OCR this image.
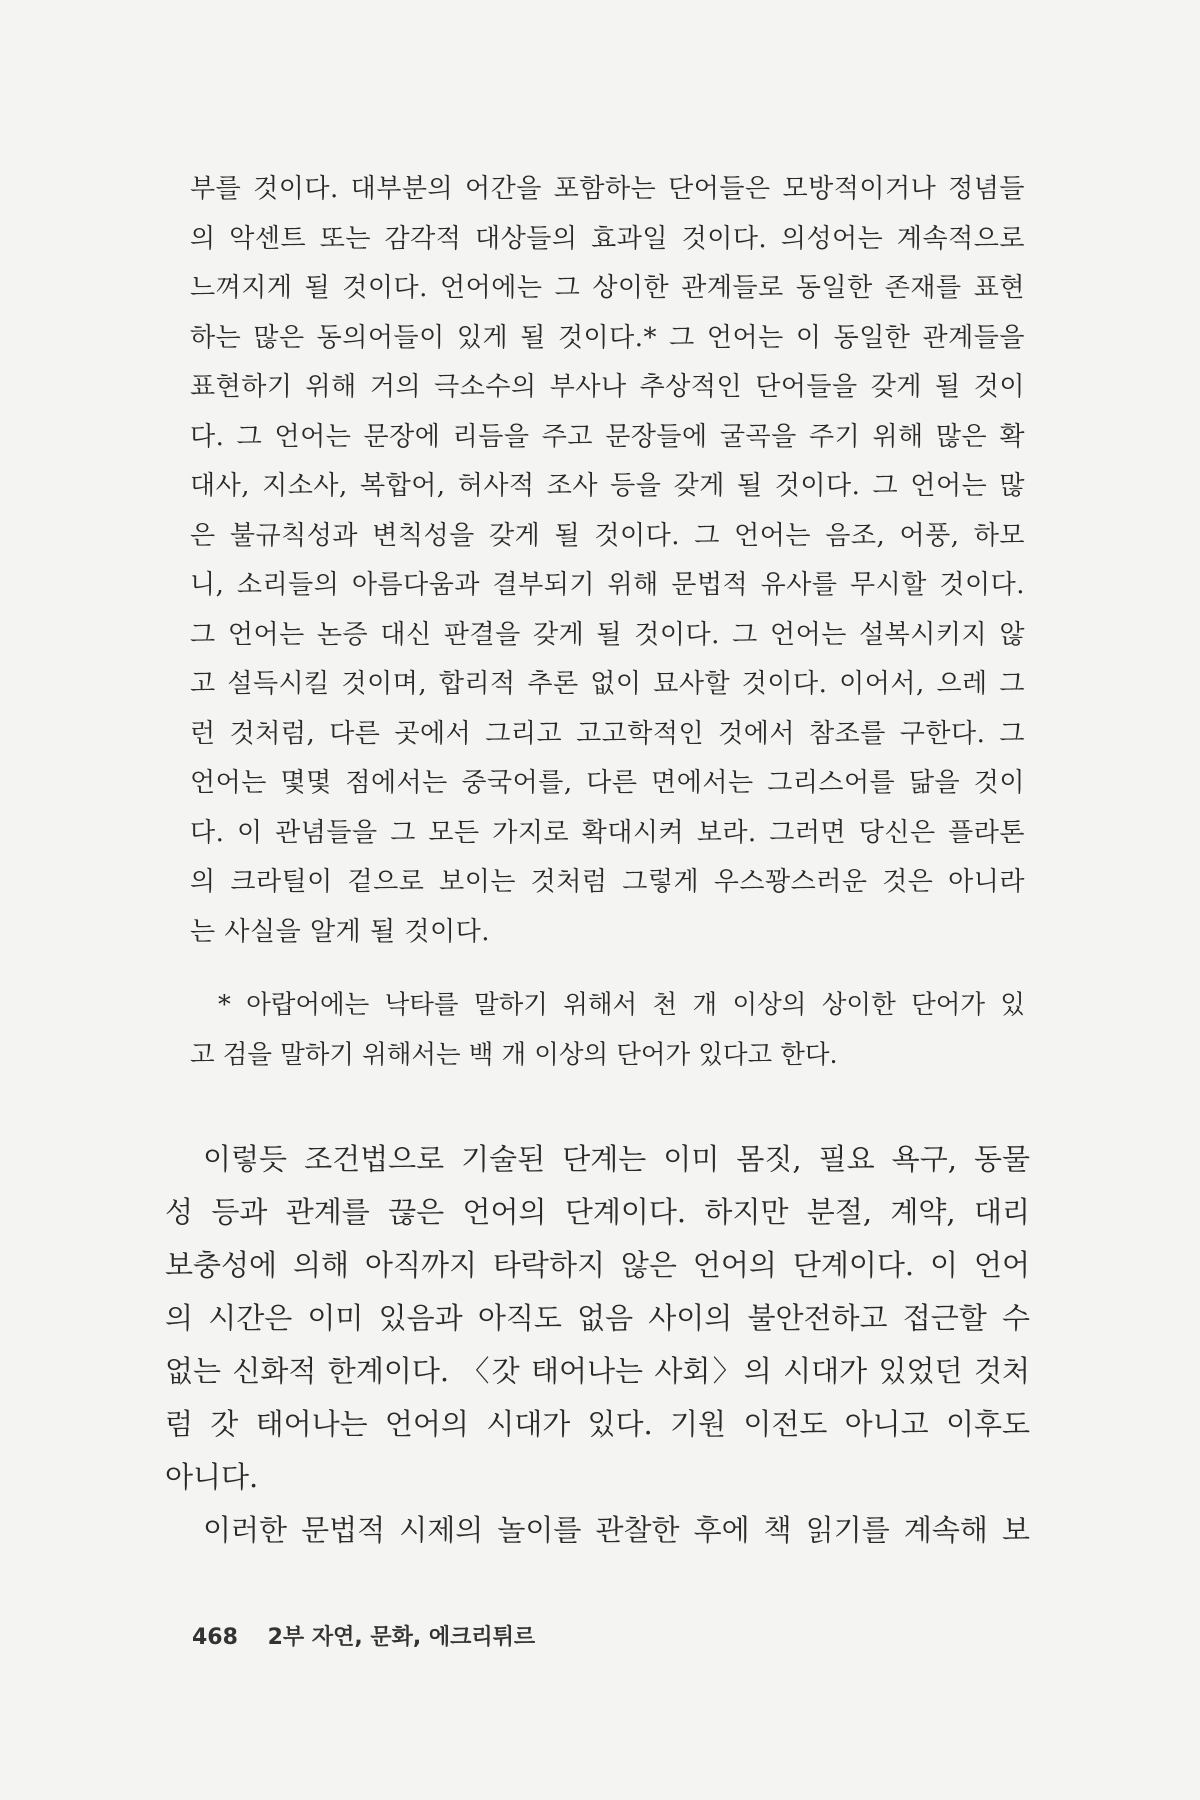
부를 것이다. 대부분의 어간을 포함하는 단어들은 모방적이거나 정념들
의 악센트 또는 감각적 대상들의 효과일 것이다. 의성어는 계속적으로
느껴지게 될 것이다. 언어에는 그 상이한 관계들로 동일한 존재를 표현
하는 많은 동의어들이 있게 될 것이다.* 그 언어는 이 동일한 관계들을
표현하기 위해 거의 극소수의 부사나 추상적인 단어들을 갖게 될 것이
다. 그 언어는 문장에 리듬을 주고 문장들에 굴곡을 주기 위해 많은 확
대사, 지소사, 복합어, 허사적 조사 등을 갖게 될 것이다. 그 언어는 많
은 불규칙성과 변칙성을 갖게 될 것이다. 그 언어는 음조, 어풍, 하모
니, 소리들의 아름다움과 결부되기 위해 문법적 유사를 무시할 것이다.
그 언어는 논증 대신 판결을 갖게 될 것이다. 그 언어는 설복시키지 않
고 설득시킬 것이며, 합리적 추론 없이 묘사할 것이다. 이어서, 으레 그
런 것처럼, 다른 곳에서 그리고 고고학적인 것에서 참조를 구한다. 그
언어는 몇몇 점에서는 중국어를, 다른 면에서는 그리스어를 닮을 것이
다. 이 관념들을 그 모든 가지로 확대시켜 보라. 그러면 당신은 플라톤
의 크라틸이 겉으로 보이는 것처럼 그렇게 우스꽝스러운 것은 아니라
는 사실을 알게 될 것이다.
* 아랍어에는 낙타를 말하기 위해서 천 개 이상의 상이한 단어가 있
고 검을 말하기 위해서는 백 개 이상의 단어가 있다고 한다.
이렇듯 조건법으로 기술된 단계는 이미 몸짓, 필요 욕구, 동물
성 등과 관계를 끊은 언어의 단계이다. 하지만 분절, 계약, 대리
보충성에 의해 아직까지 타락하지 않은 언어의 단계이다. 이 언어
의 시간은 이미 있음과 아직도 없음 사이의 불안전하고 접근할 수
없는 신화적 한계이다. 〈갓 태어나는 사회〉의 시대가 있었던 것처
럼 갓 태어나는 언어의 시대가 있다. 기원 이전도 아니고 이후도
아니다.
이러한 문법적 시제의 놀이를 관찰한 후에 책 읽기를 계속해 보
468 2부 자연, 문화, 에크리튀르
